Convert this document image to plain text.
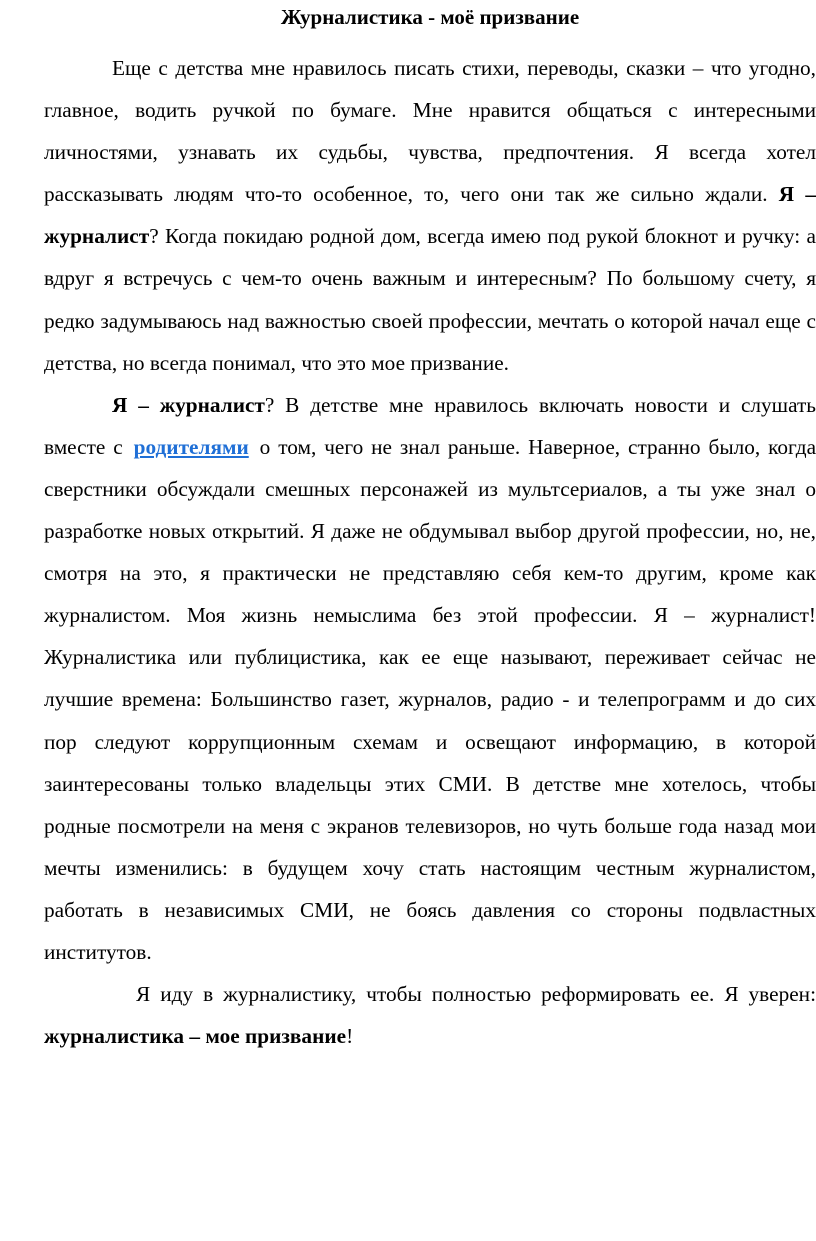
Журналистика - моё призвание

Еще с детства мне нравилось писать стихи, переводы, сказки – что угодно, главное, водить ручкой по бумаге. Мне нравится общаться с интересными личностями, узнавать их судьбы, чувства, предпочтения. Я всегда хотел рассказывать людям что-то особенное, то, чего они так же сильно ждали. Я – журналист? Когда покидаю родной дом, всегда имею под рукой блокнот и ручку: а вдруг я встречусь с чем-то очень важным и интересным? По большому счету, я редко задумываюсь над важностью своей профессии, мечтать о которой начал еще с детства, но всегда понимал, что это мое призвание.

Я – журналист? В детстве мне нравилось включать новости и слушать вместе с родителями о том, чего не знал раньше. Наверное, странно было, когда сверстники обсуждали смешных персонажей из мультсериалов, а ты уже знал о разработке новых открытий. Я даже не обдумывал выбор другой профессии, но, не, смотря на это, я практически не представляю себя кем-то другим, кроме как журналистом. Моя жизнь немыслима без этой профессии. Я – журналист! Журналистика или публицистика, как ее еще называют, переживает сейчас не лучшие времена: Большинство газет, журналов, радио - и телепрограмм и до сих пор следуют коррупционным схемам и освещают информацию, в которой заинтересованы только владельцы этих СМИ. В детстве мне хотелось, чтобы родные посмотрели на меня с экранов телевизоров, но чуть больше года назад мои мечты изменились: в будущем хочу стать настоящим честным журналистом, работать в независимых СМИ, не боясь давления со стороны подвластных институтов.

Я иду в журналистику, чтобы полностью реформировать ее. Я уверен: журналистика – мое призвание!
